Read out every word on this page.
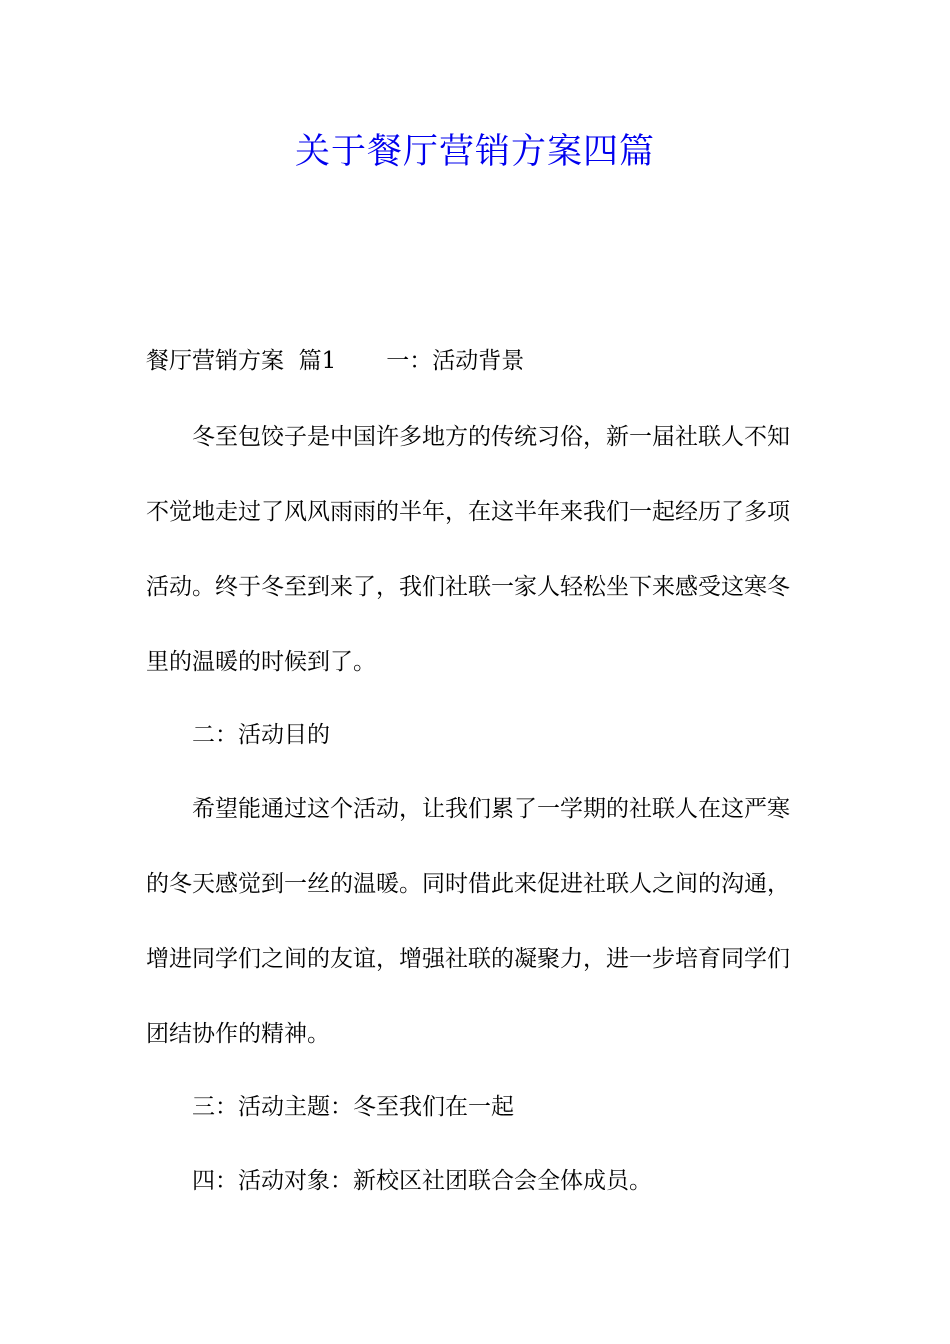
关于餐厅营销方案四篇
餐厅营销方案  篇1 一：活动背景

冬至包饺子是中国许多地方的传统习俗，新一届社联人不知不觉地走过了风风雨雨的半年，在这半年来我们一起经历了多项活动。终于冬至到来了，我们社联一家人轻松坐下来感受这寒冬里的温暖的时候到了。

二：活动目的

希望能通过这个活动，让我们累了一学期的社联人在这严寒的冬天感觉到一丝的温暖。同时借此来促进社联人之间的沟通，增进同学们之间的友谊，增强社联的凝聚力，进一步培育同学们团结协作的精神。

三：活动主题：冬至我们在一起

四：活动对象：新校区社团联合会全体成员。
